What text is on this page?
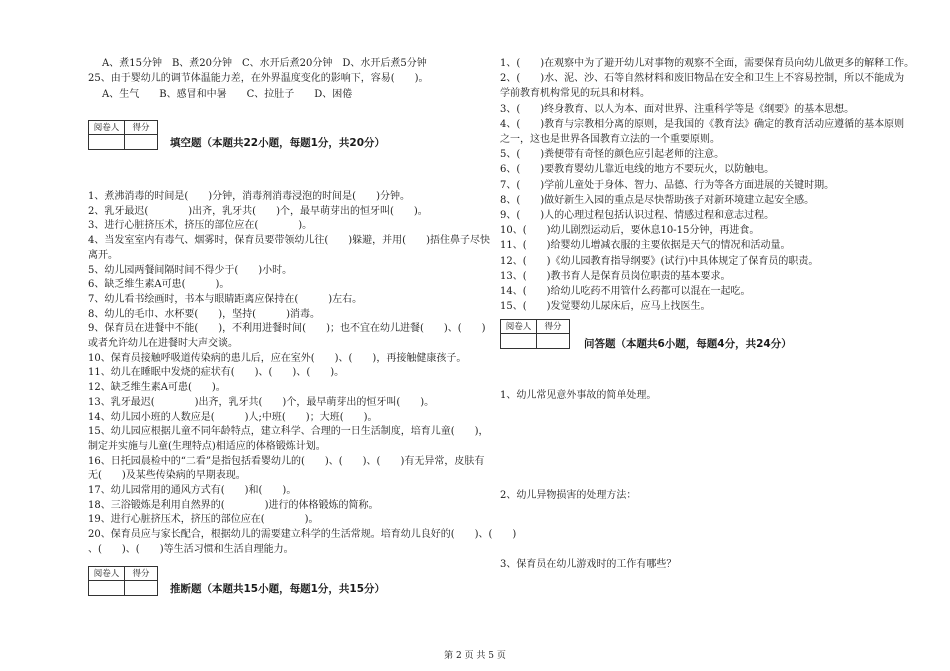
A、煮15分钟　B、煮20分钟　C、水开后煮20分钟　D、水开后煮5分钟
25、由于婴幼儿的调节体温能力差，在外界温度变化的影响下，容易(　　)。
A、生气　　B、感冒和中暑　　C、拉肚子　　D、困倦
阅卷人	得分
填空题（本题共22小题，每题1分，共20分）
1、煮沸消毒的时间是(　　)分钟，消毒剂消毒浸泡的时间是(　　)分钟。
2、乳牙最迟(　　　　)出齐，乳牙共(　　)个，最早萌芽出的恒牙叫(　　)。
3、进行心脏挤压术，挤压的部位应在(　　　　)。
4、当发室室内有毒气、烟雾时，保育员要带领幼儿往(　　)躲避，并用(　　)捂住鼻子尽快
离开。
5、幼儿园两餐间隔时间不得少于(　　)小时。
6、缺乏维生素A可患(　　　)。
7、幼儿看书绘画时，书本与眼睛距离应保持在(　　　)左右。
8、幼儿的毛巾、水杯要(　　)，坚持(　　　)消毒。
9、保育员在进餐中不能(　　)，不利用进餐时间(　　)；也不宜在幼儿进餐(　　)、(　　)
或者允许幼儿在进餐时大声交谈。
10、保育员接触呼吸道传染病的患儿后，应在室外(　　)、(　　)，再接触健康孩子。
11、幼儿在睡眠中发烧的症状有(　　)、(　　)、(　　)。
12、缺乏维生素A可患(　　)。
13、乳牙最迟(　　　　)出齐，乳牙共(　　)个，最早萌芽出的恒牙叫(　　)。
14、幼儿园小班的人数应是(　　　)人;中班(　　)；大班(　　)。
15、幼儿园应根据儿童不同年龄特点，建立科学、合理的一日生活制度，培育儿童(　　)，
制定并实施与儿童(生理特点)相适应的体格锻炼计划。
16、日托园晨检中的“二看”是指包括看婴幼儿的(　　)、(　　)、(　　)有无异常，皮肤有
无(　　)及某些传染病的早期表现。
17、幼儿园常用的通风方式有(　　)和(　　)。
18、三浴锻炼是利用自然界的(　　　　)进行的体格锻炼的简称。
19、进行心脏挤压术，挤压的部位应在(　　　　)。
20、保育员应与家长配合，根据幼儿的需要建立科学的生活常规。培育幼儿良好的(　　)、(　　)
、(　　)、(　　)等生活习惯和生活自理能力。
阅卷人	得分
推断题（本题共15小题，每题1分，共15分）
1、(　　)在观察中为了避开幼儿对事物的观察不全面，需要保育员向幼儿做更多的解释工作。
2、(　　)水、泥、沙、石等自然材料和废旧物品在安全和卫生上不容易控制，所以不能成为
学前教育机构常见的玩具和材料。
3、(　　)终身教育、以人为本、面对世界、注重科学等是《纲要》的基本思想。
4、(　　)教育与宗教相分离的原则，是我国的《教育法》确定的教育活动应遵循的基本原则
之一，这也是世界各国教育立法的一个重要原则。
5、(　　)粪便带有奇怪的颜色应引起老师的注意。
6、(　　)要教育婴幼儿靠近电线的地方不要玩火，以防触电。
7、(　　)学前儿童处于身体、智力、品德、行为等各方面进展的关键时期。
8、(　　)做好新生入园的重点是尽快帮助孩子对新环境建立起安全感。
9、(　　)人的心理过程包括认识过程、情感过程和意志过程。
10、(　　)幼儿剧烈运动后，要休息10-15分钟，再进食。
11、(　　)给婴幼儿增减衣服的主要依据是天气的情况和活动量。
12、(　　)《幼儿园教育指导纲要》(试行)中具体规定了保育员的职责。
13、(　　)教书育人是保育员岗位职责的基本要求。
14、(　　)给幼儿吃药不用管什么药都可以混在一起吃。
15、(　　)发觉婴幼儿尿床后，应马上找医生。
阅卷人	得分
问答题（本题共6小题，每题4分，共24分）
1、幼儿常见意外事故的简单处理。
2、幼儿异物损害的处理方法：
3、保育员在幼儿游戏时的工作有哪些？
第 2 页 共 5 页
